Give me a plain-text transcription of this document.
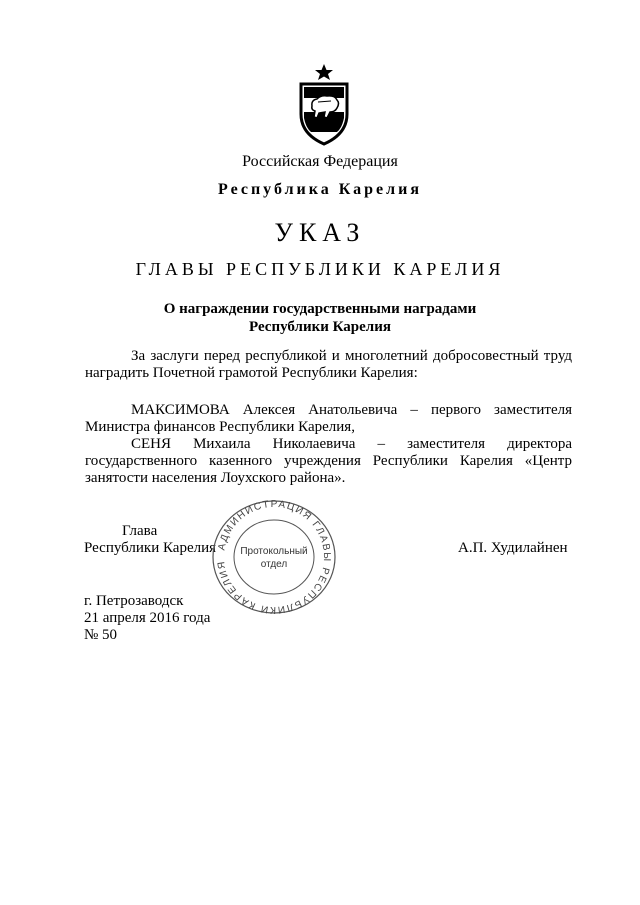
Российская Федерация
Республика Карелия
УКАЗ
ГЛАВЫ РЕСПУБЛИКИ КАРЕЛИЯ
О награждении государственными наградами
Республики Карелия
За заслуги перед республикой и многолетний добросовестный труд наградить Почетной грамотой Республики Карелия:
МАКСИМОВА Алексея Анатольевича – первого заместителя Министра финансов Республики Карелия,
СЕНЯ Михаила Николаевича – заместителя директора государственного казенного учреждения Республики Карелия «Центр занятости населения Лоухского района».
Глава
Республики Карелия	А.П. Худилайнен
АДМИНИСТРАЦИЯ ГЛАВЫ РЕСПУБЛИКИ КАРЕЛИЯ
Протокольный
отдел
г. Петрозаводск
21 апреля 2016 года
№ 50
